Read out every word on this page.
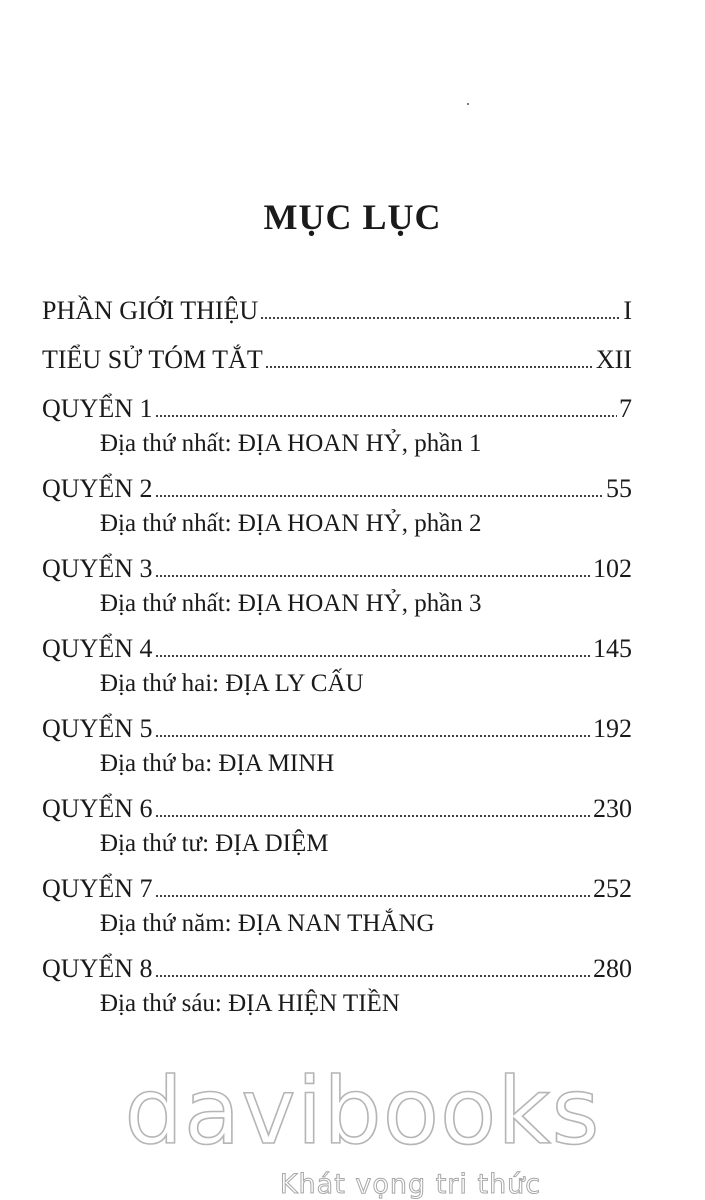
MỤC LỤC
PHẦN GIỚI THIỆU	I
TIỂU SỬ TÓM TẮT	XII
QUYỂN 1	7
Địa thứ nhất: ĐỊA HOAN HỶ, phần 1
QUYỂN 2	55
Địa thứ nhất: ĐỊA HOAN HỶ, phần 2
QUYỂN 3	102
Địa thứ nhất: ĐỊA HOAN HỶ, phần 3
QUYỂN 4	145
Địa thứ hai: ĐỊA LY CẤU
QUYỂN 5	192
Địa thứ ba: ĐỊA MINH
QUYỂN 6	230
Địa thứ tư: ĐỊA DIỆM
QUYỂN 7	252
Địa thứ năm: ĐỊA NAN THẮNG
QUYỂN 8	280
Địa thứ sáu: ĐỊA HIỆN TIỀN
davibooks
Khát vọng tri thức
